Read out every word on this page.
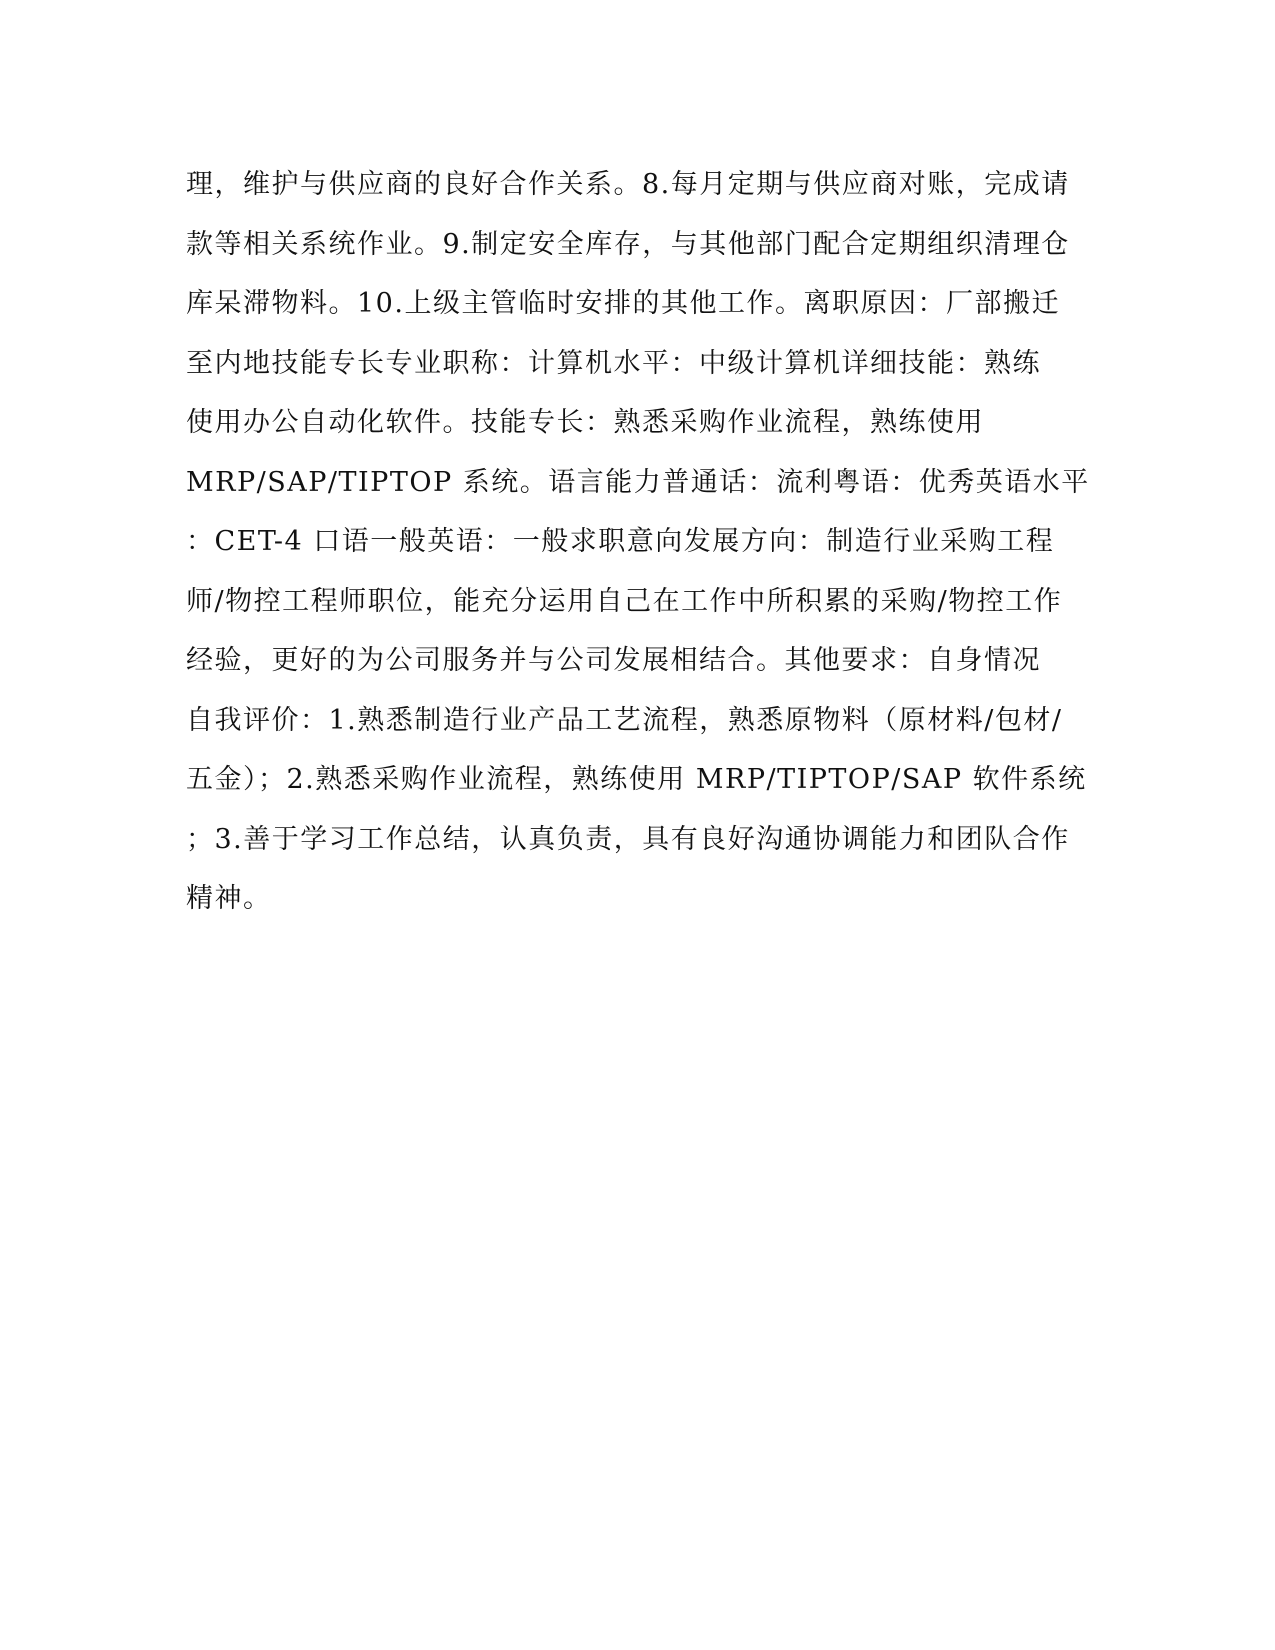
理，维护与供应商的良好合作关系。8.每月定期与供应商对账，完成请
款等相关系统作业。9.制定安全库存，与其他部门配合定期组织清理仓
库呆滞物料。10.上级主管临时安排的其他工作。离职原因：厂部搬迁
至内地技能专长专业职称：计算机水平：中级计算机详细技能：熟练
使用办公自动化软件。技能专长：熟悉采购作业流程，熟练使用
MRP/SAP/TIPTOP 系统。语言能力普通话：流利粤语：优秀英语水平
：CET-4 口语一般英语：一般求职意向发展方向：制造行业采购工程
师/物控工程师职位，能充分运用自己在工作中所积累的采购/物控工作
经验，更好的为公司服务并与公司发展相结合。其他要求：自身情况
自我评价：1.熟悉制造行业产品工艺流程，熟悉原物料（原材料/包材/
五金）；2.熟悉采购作业流程，熟练使用 MRP/TIPTOP/SAP 软件系统
；3.善于学习工作总结，认真负责，具有良好沟通协调能力和团队合作
精神。
